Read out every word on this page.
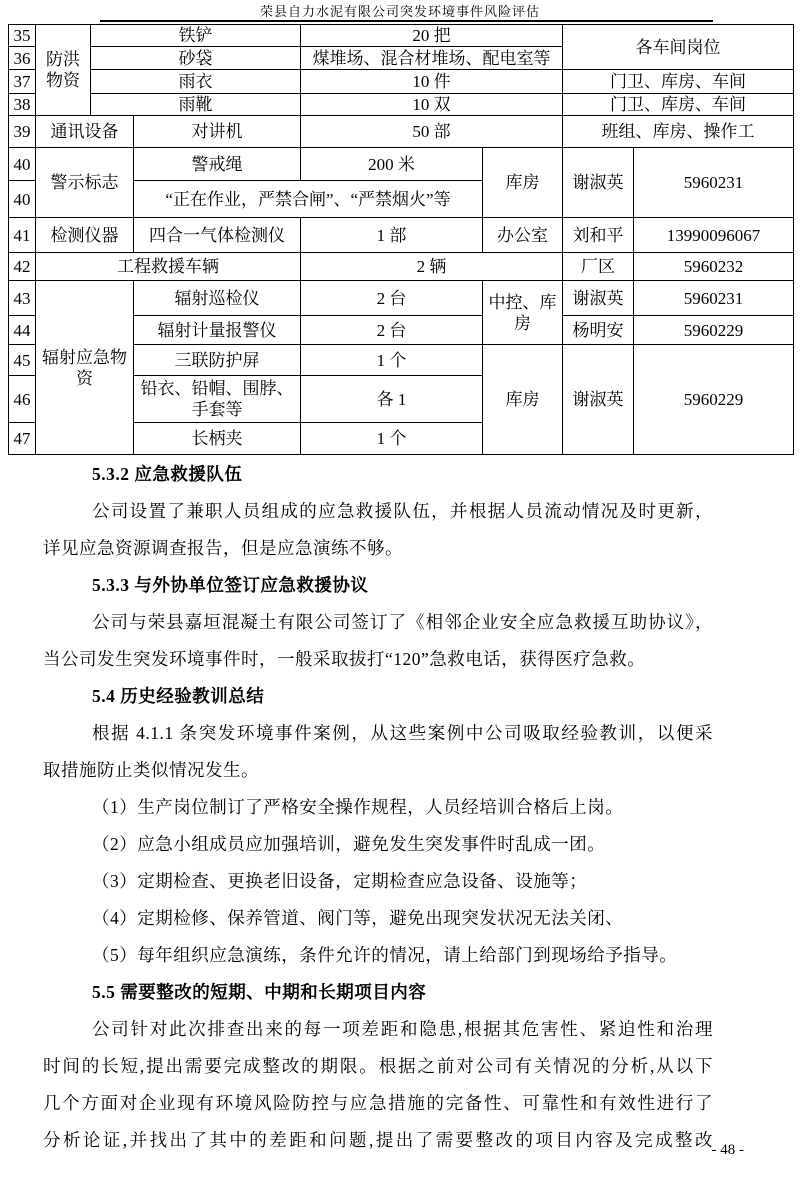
荣县自力水泥有限公司突发环境事件风险评估
35	防洪物资	铁铲		20 把		各车间岗位	
36		砂袋		煤堆场、混合材堆场、配电室等			
37		雨衣		10 件		门卫、库房、车间	
38		雨靴		10 双		门卫、库房、车间	
39	通讯设备		对讲机	50 部		班组、库房、操作工	
40	警示标志		警戒绳	200 米	库房	谢淑英	5960231
40			“正在作业，严禁合闸”、“严禁烟火”等				
41	检测仪器		四合一气体检测仪	1 部	办公室	刘和平	13990096067
42	工程救援车辆			2 辆		厂区	5960232
43	辐射应急物资		辐射巡检仪	2 台	中控、库房	谢淑英	5960231
44			辐射计量报警仪	2 台		杨明安	5960229
45			三联防护屏	1 个	库房	谢淑英	5960229
46			铅衣、铅帽、围脖、手套等	各 1			
47			长柄夹	1 个			

5.3.2 应急救援队伍

公司设置了兼职人员组成的应急救援队伍，并根据人员流动情况及时更新，

详见应急资源调查报告，但是应急演练不够。

5.3.3 与外协单位签订应急救援协议

公司与荣县嘉垣混凝土有限公司签订了《相邻企业安全应急救援互助协议》，

当公司发生突发环境事件时，一般采取拔打“120”急救电话，获得医疗急救。

5.4 历史经验教训总结

根据 4.1.1 条突发环境事件案例，从这些案例中公司吸取经验教训，以便采

取措施防止类似情况发生。

（1）生产岗位制订了严格安全操作规程，人员经培训合格后上岗。

（2）应急小组成员应加强培训，避免发生突发事件时乱成一团。

（3）定期检查、更换老旧设备，定期检查应急设备、设施等；

（4）定期检修、保养管道、阀门等，避免出现突发状况无法关闭、

（5）每年组织应急演练，条件允许的情况，请上给部门到现场给予指导。

5.5 需要整改的短期、中期和长期项目内容

公司针对此次排查出来的每一项差距和隐患,根据其危害性、紧迫性和治理

时间的长短,提出需要完成整改的期限。根据之前对公司有关情况的分析,从以下

几个方面对企业现有环境风险防控与应急措施的完备性、可靠性和有效性进行了

分析论证,并找出了其中的差距和问题,提出了需要整改的项目内容及完成整改

- 48 -
